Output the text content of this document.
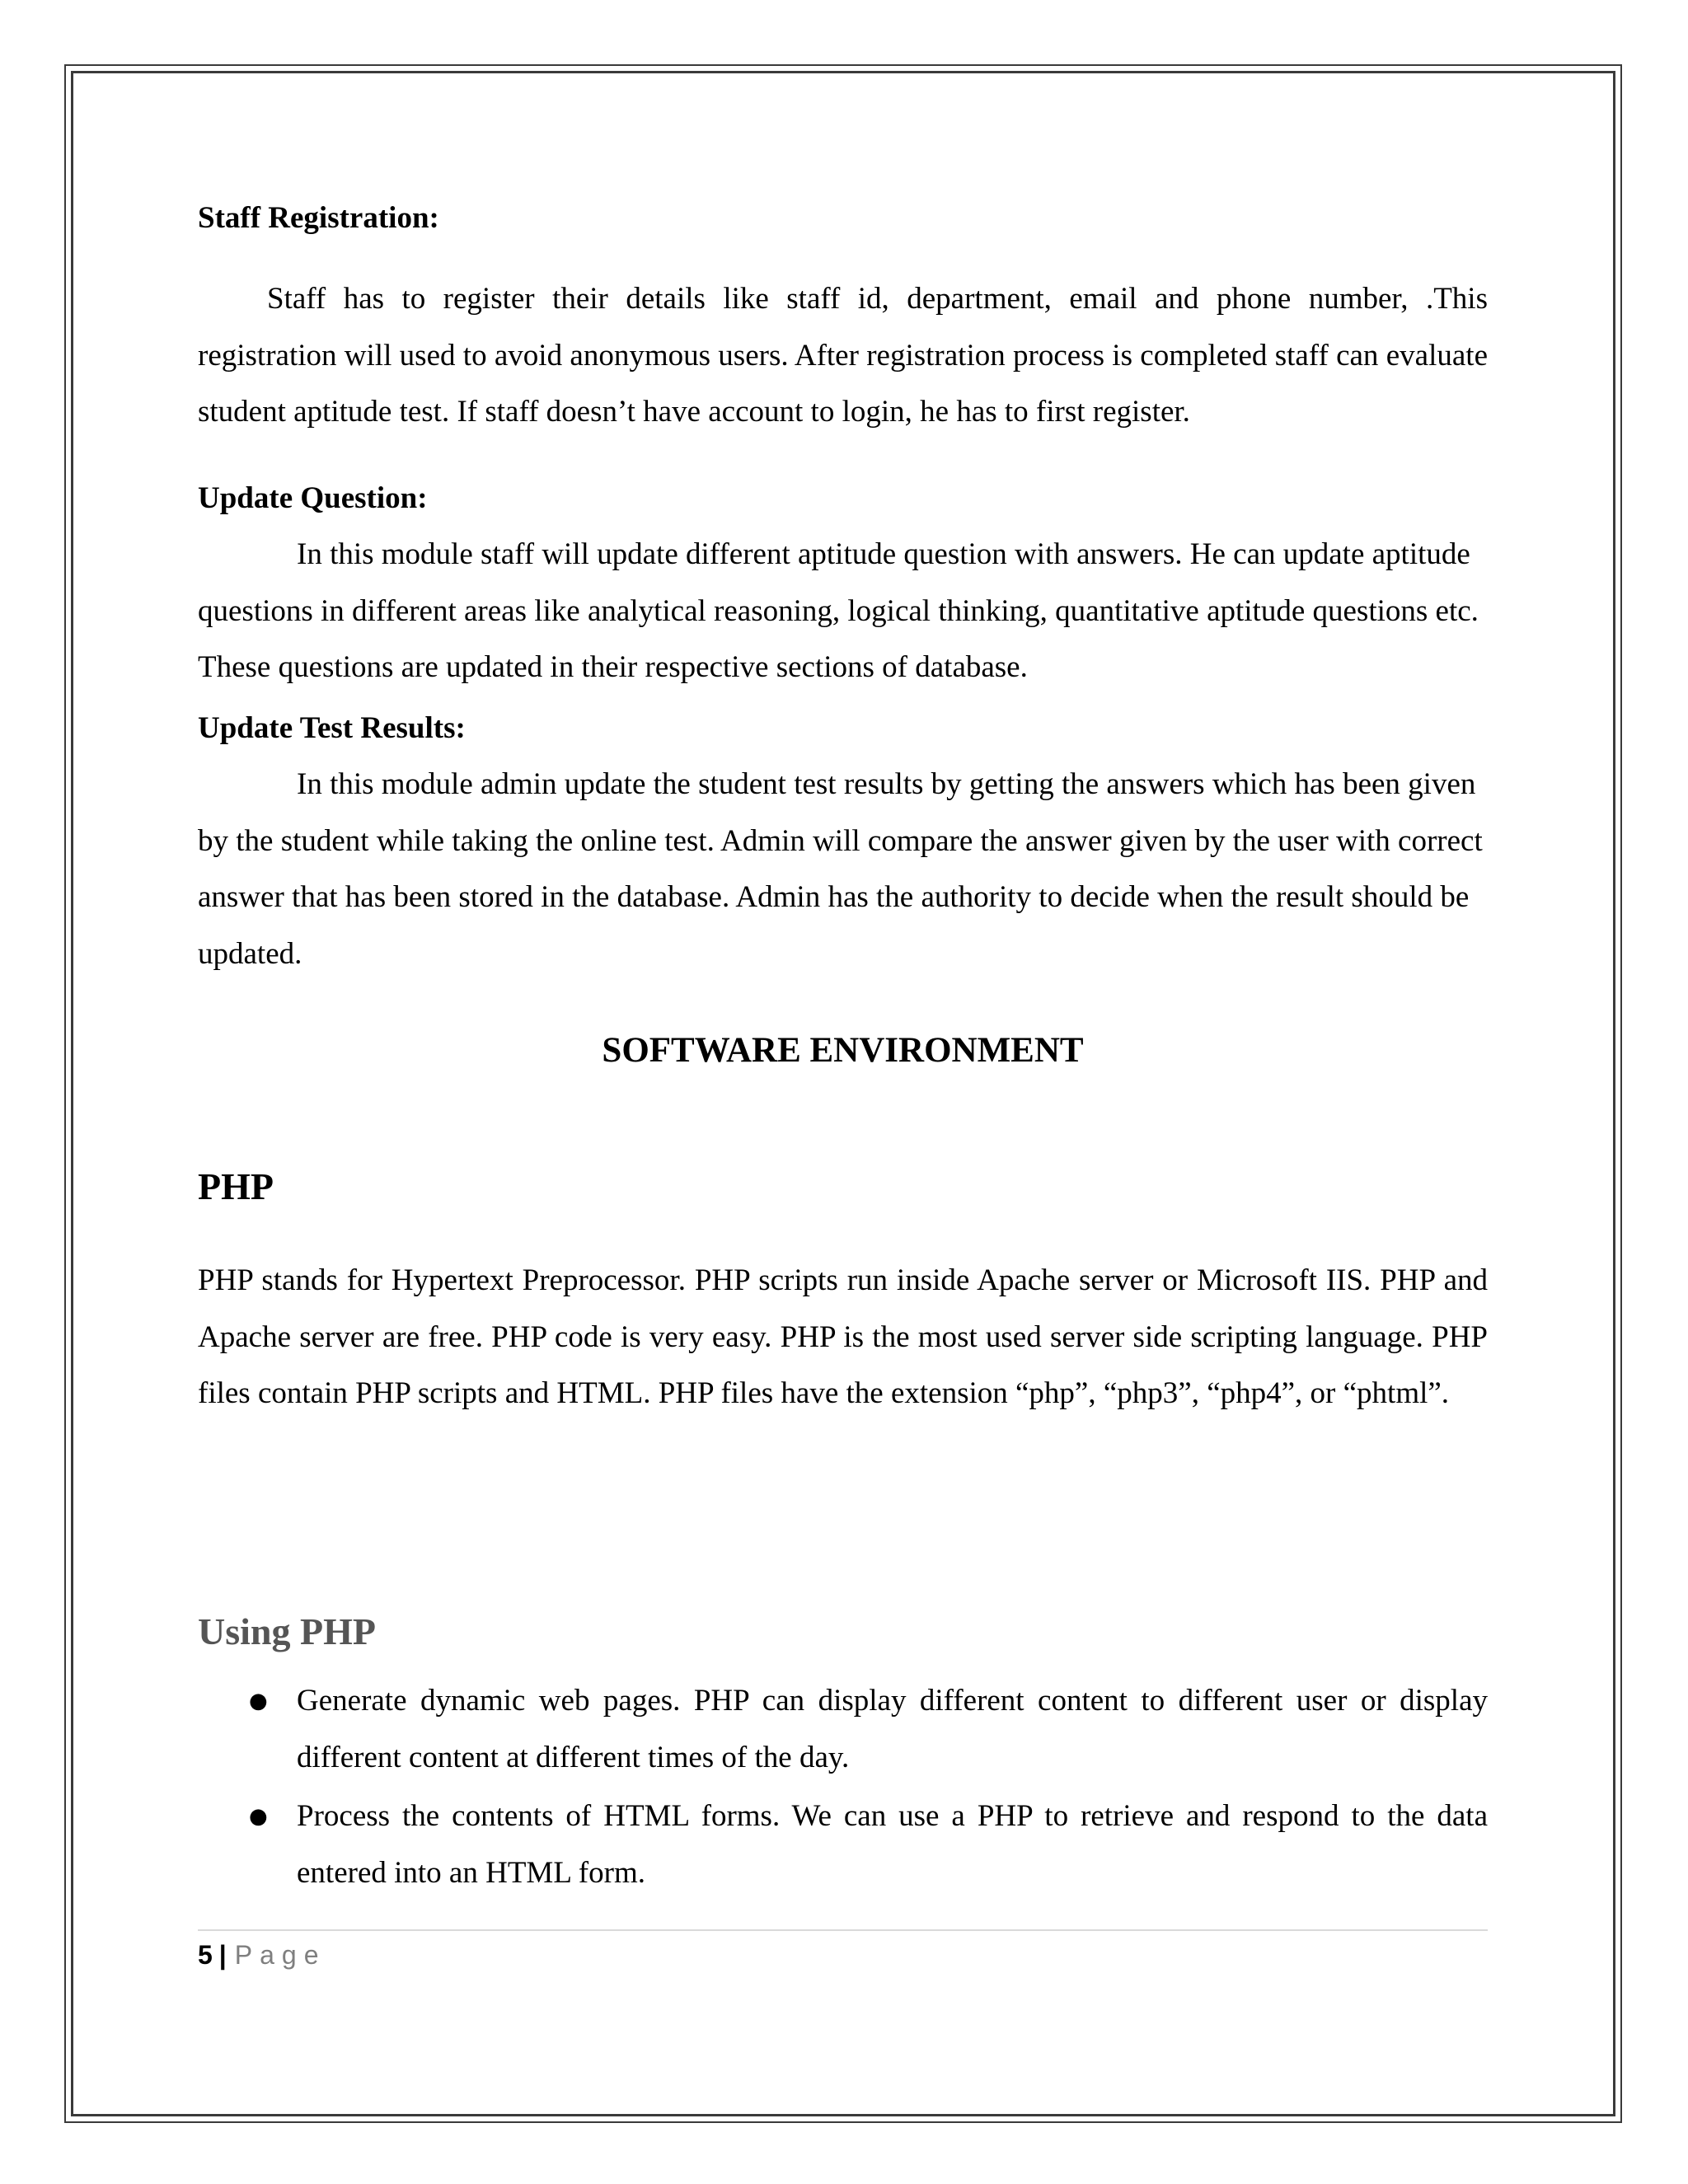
Staff Registration:

Staff has to register their details like staff id, department, email and phone number, .This registration will used to avoid anonymous users. After registration process is completed staff can evaluate student aptitude test. If staff doesn’t have account to login, he has to first register.

Update Question:

In this module staff will update different aptitude question with answers. He can update aptitude questions in different areas like analytical reasoning, logical thinking, quantitative aptitude questions etc. These questions are updated in their respective sections of database.

Update Test Results:

In this module admin update the student test results by getting the answers which has been given by the student while taking the online test. Admin will compare the answer given by the user with correct answer that has been stored in the database. Admin has the authority to decide when the result should be updated.

SOFTWARE ENVIRONMENT

PHP

PHP stands for Hypertext Preprocessor. PHP scripts run inside Apache server or Microsoft IIS. PHP and Apache server are free. PHP code is very easy. PHP is the most used server side scripting language. PHP files contain PHP scripts and HTML. PHP files have the extension “php”, “php3”, “php4”, or “phtml”.

Using PHP

● Generate dynamic web pages. PHP can display different content to different user or display different content at different times of the day.
● Process the contents of HTML forms. We can use a PHP to retrieve and respond to the data entered into an HTML form.
5 | Page
